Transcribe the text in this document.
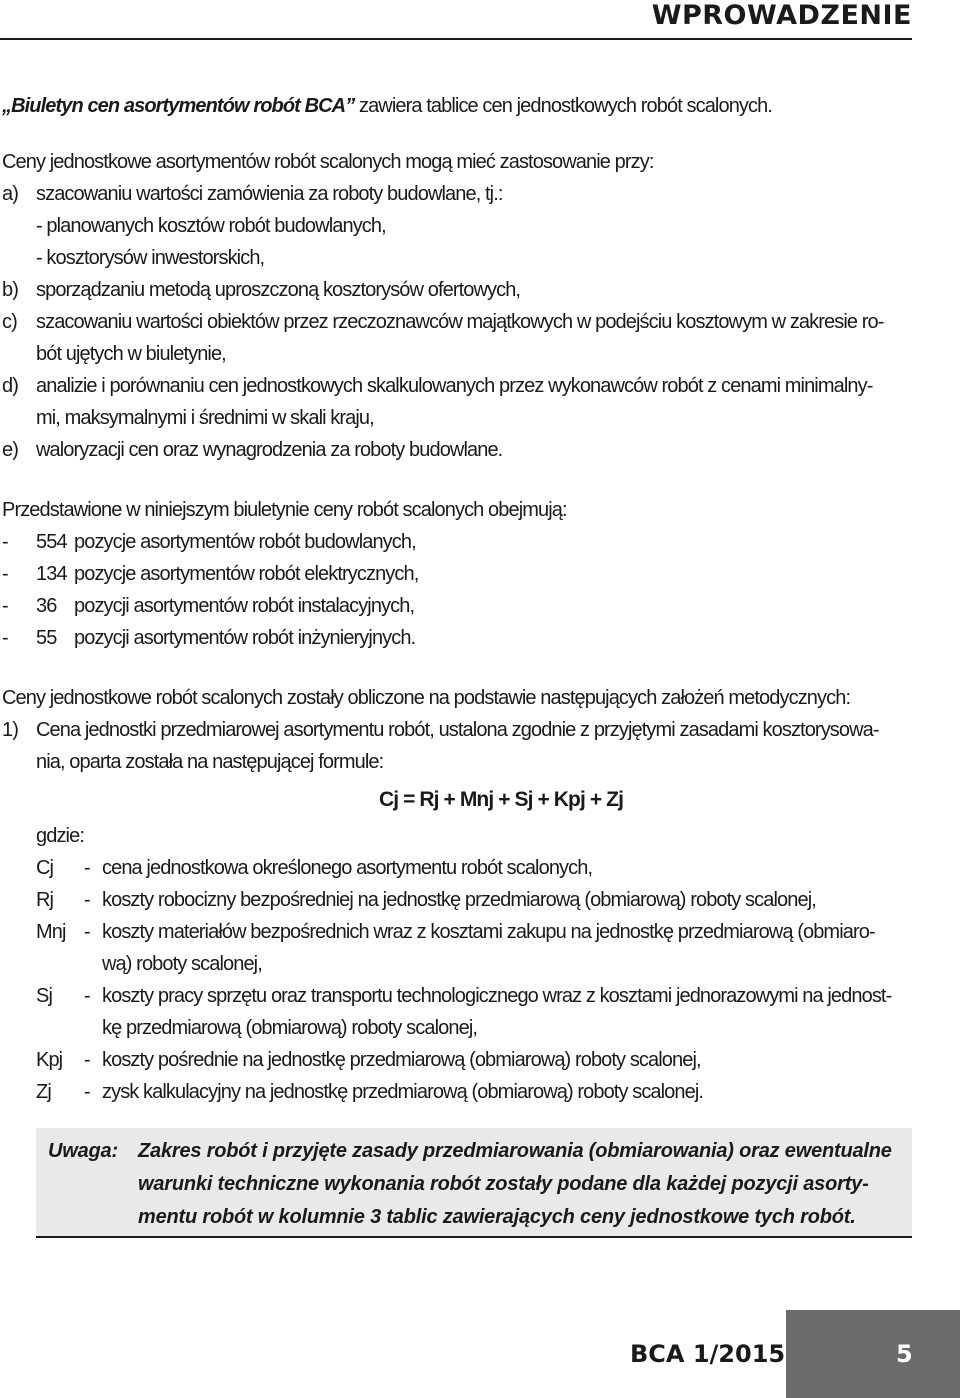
WPROWADZENIE

„Biuletyn cen asortymentów robót BCA” zawiera tablice cen jednostkowych robót scalonych.

Ceny jednostkowe asortymentów robót scalonych mogą mieć zastosowanie przy:

a) szacowaniu wartości zamówienia za roboty budowlane, tj.:
- planowanych kosztów robót budowlanych,
- kosztorysów inwestorskich,
b) sporządzaniu metodą uproszczoną kosztorysów ofertowych,
c) szacowaniu wartości obiektów przez rzeczoznawców majątkowych w podejściu kosztowym w zakresie ro-
bót ujętych w biuletynie,
d) analizie i porównaniu cen jednostkowych skalkulowanych przez wykonawców robót z cenami minimalny-
mi, maksymalnymi i średnimi w skali kraju,
e) waloryzacji cen oraz wynagrodzenia za roboty budowlane.

Przedstawione w niniejszym biuletynie ceny robót scalonych obejmują:

-	554 pozycje asortymentów robót budowlanych,
-	134 pozycje asortymentów robót elektrycznych,
-	36 pozycji asortymentów robót instalacyjnych,
-	55 pozycji asortymentów robót inżynieryjnych.

Ceny jednostkowe robót scalonych zostały obliczone na podstawie następujących założeń metodycznych:

1) Cena jednostki przedmiarowej asortymentu robót, ustalona zgodnie z przyjętymi zasadami kosztorysowa-
nia, oparta została na następującej formule:
Cj = Rj + Mnj + Sj + Kpj + Zj
gdzie:
Cj	- cena jednostkowa określonego asortymentu robót scalonych,
Rj	- koszty robocizny bezpośredniej na jednostkę przedmiarową (obmiarową) roboty scalonej,
Mnj - koszty materiałów bezpośrednich wraz z kosztami zakupu na jednostkę przedmiarową (obmiaro-
wą) roboty scalonej,
Sj	- koszty pracy sprzętu oraz transportu technologicznego wraz z kosztami jednorazowymi na jednost-
kę przedmiarową (obmiarową) roboty scalonej,
Kpj	- koszty pośrednie na jednostkę przedmiarową (obmiarową) roboty scalonej,
Zj	- zysk kalkulacyjny na jednostkę przedmiarową (obmiarową) roboty scalonej.
Uwaga: Zakres robót i przyjęte zasady przedmiarowania (obmiarowania) oraz ewentualne
warunki techniczne wykonania robót zostały podane dla każdej pozycji asorty-
mentu robót w kolumnie 3 tablic zawierających ceny jednostkowe tych robót.
BCA 1/2015	5
